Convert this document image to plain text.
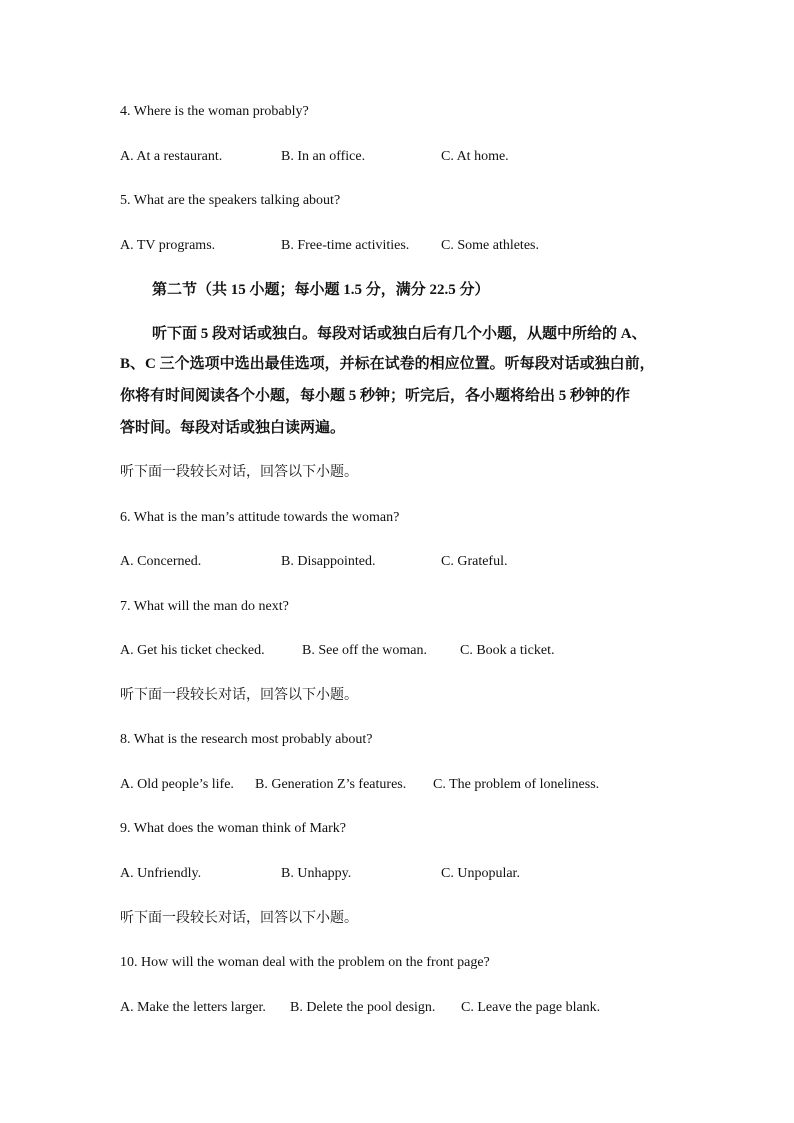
4. Where is the woman probably?
A. At a restaurant.	B. In an office.	C. At home.
5. What are the speakers talking about?
A. TV programs.	B. Free-time activities. C. Some athletes.
第二节（共 15 小题；每小题 1.5 分，满分 22.5 分）
听下面 5 段对话或独白。每段对话或独白后有几个小题，从题中所给的 A、
B、C 三个选项中选出最佳选项，并标在试卷的相应位置。听每段对话或独白前，
你将有时间阅读各个小题，每小题 5 秒钟；听完后，各小题将给出 5 秒钟的作
答时间。每段对话或独白读两遍。
听下面一段较长对话，回答以下小题。
6. What is the man’s attitude towards the woman?
A. Concerned.	B. Disappointed.	C. Grateful.
7. What will the man do next?
A. Get his ticket checked.	B. See off the woman. C. Book a ticket.
听下面一段较长对话，回答以下小题。
8. What is the research most probably about?
A. Old people’s life. B. Generation Z’s features. C. The problem of loneliness.
9. What does the woman think of Mark?
A. Unfriendly.	B. Unhappy.	C. Unpopular.
听下面一段较长对话，回答以下小题。
10. How will the woman deal with the problem on the front page?
A. Make the letters larger. B. Delete the pool design. C. Leave the page blank.
